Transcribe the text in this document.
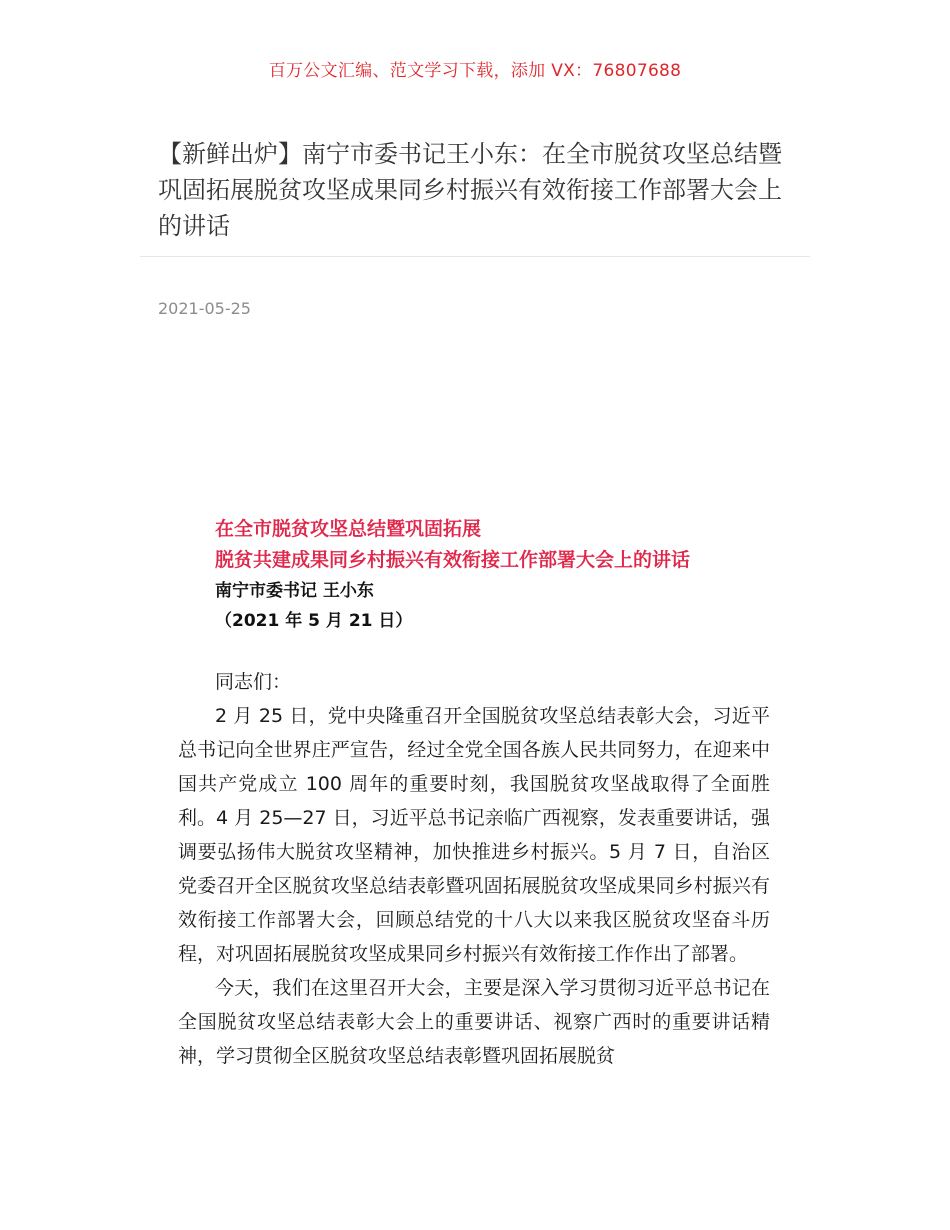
百万公文汇编、范文学习下载，添加 VX：76807688
【新鲜出炉】南宁市委书记王小东：在全市脱贫攻坚总结暨巩固拓展脱贫攻坚成果同乡村振兴有效衔接工作部署大会上的讲话
2021-05-25
在全市脱贫攻坚总结暨巩固拓展
脱贫共建成果同乡村振兴有效衔接工作部署大会上的讲话
南宁市委书记 王小东
（2021 年 5 月 21 日）

同志们：

2 月 25 日，党中央隆重召开全国脱贫攻坚总结表彰大会，习近平总书记向全世界庄严宣告，经过全党全国各族人民共同努力，在迎来中国共产党成立 100 周年的重要时刻，我国脱贫攻坚战取得了全面胜利。4 月 25—27 日，习近平总书记亲临广西视察，发表重要讲话，强调要弘扬伟大脱贫攻坚精神，加快推进乡村振兴。5 月 7 日，自治区党委召开全区脱贫攻坚总结表彰暨巩固拓展脱贫攻坚成果同乡村振兴有效衔接工作部署大会，回顾总结党的十八大以来我区脱贫攻坚奋斗历程，对巩固拓展脱贫攻坚成果同乡村振兴有效衔接工作作出了部署。

今天，我们在这里召开大会，主要是深入学习贯彻习近平总书记在全国脱贫攻坚总结表彰大会上的重要讲话、视察广西时的重要讲话精神，学习贯彻全区脱贫攻坚总结表彰暨巩固拓展脱贫
